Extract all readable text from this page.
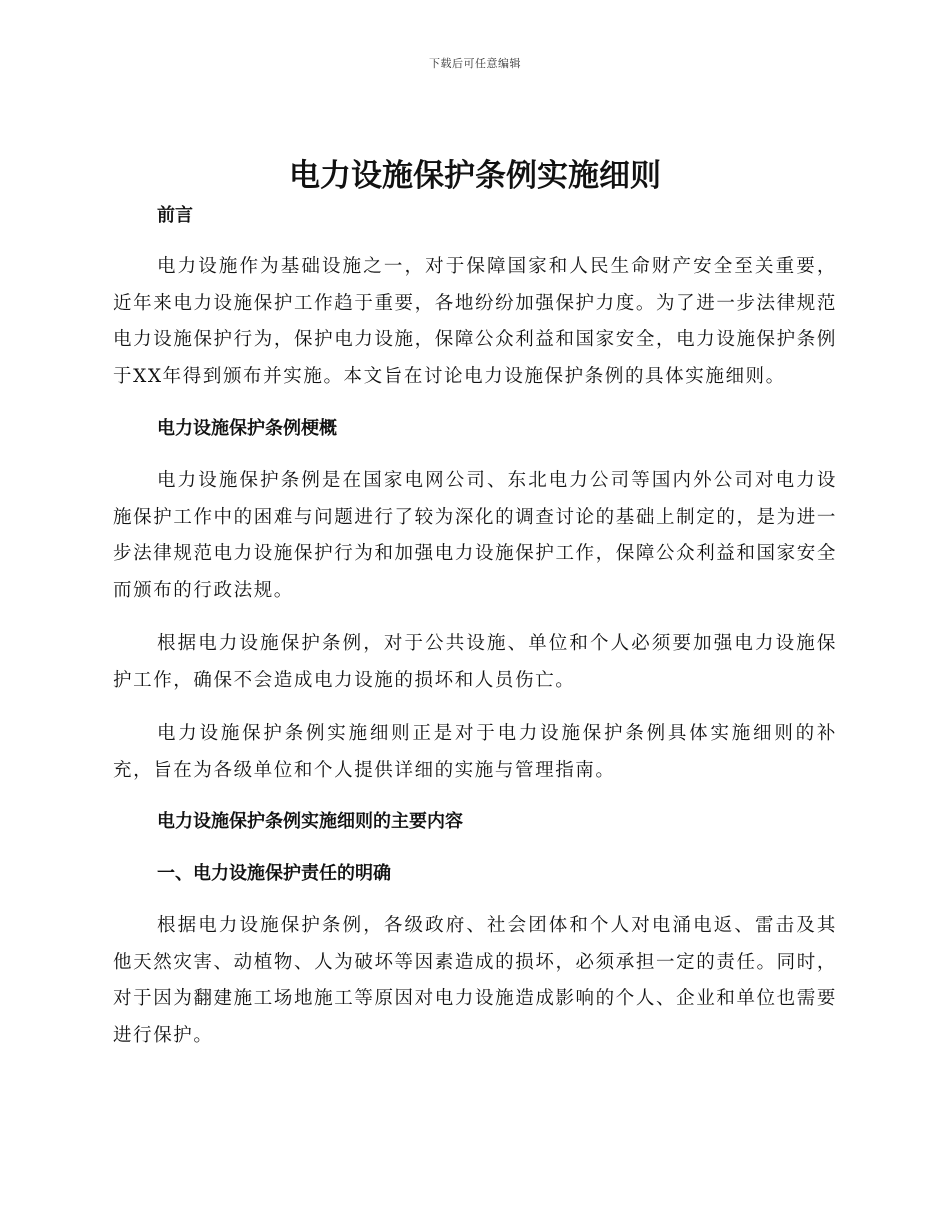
下载后可任意编辑
电力设施保护条例实施细则

前言

电力设施作为基础设施之一，对于保障国家和人民生命财产安全至关重要，近年来电力设施保护工作趋于重要，各地纷纷加强保护力度。为了进一步法律规范电力设施保护行为，保护电力设施，保障公众利益和国家安全，电力设施保护条例于XX年得到颁布并实施。本文旨在讨论电力设施保护条例的具体实施细则。

电力设施保护条例梗概

电力设施保护条例是在国家电网公司、东北电力公司等国内外公司对电力设施保护工作中的困难与问题进行了较为深化的调查讨论的基础上制定的，是为进一步法律规范电力设施保护行为和加强电力设施保护工作，保障公众利益和国家安全而颁布的行政法规。

根据电力设施保护条例，对于公共设施、单位和个人必须要加强电力设施保护工作，确保不会造成电力设施的损坏和人员伤亡。

电力设施保护条例实施细则正是对于电力设施保护条例具体实施细则的补充，旨在为各级单位和个人提供详细的实施与管理指南。

电力设施保护条例实施细则的主要内容

一、电力设施保护责任的明确

根据电力设施保护条例，各级政府、社会团体和个人对电涌电返、雷击及其他天然灾害、动植物、人为破坏等因素造成的损坏，必须承担一定的责任。同时，对于因为翻建施工场地施工等原因对电力设施造成影响的个人、企业和单位也需要进行保护。
